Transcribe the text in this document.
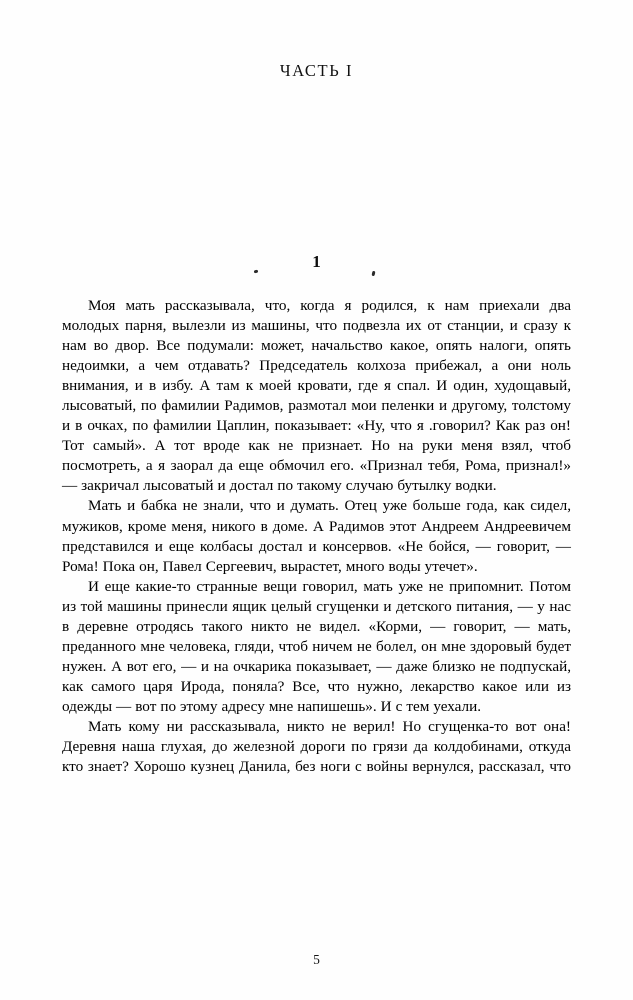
ЧАСТЬ I
1

Моя мать рассказывала, что, когда я родился, к нам приехали два молодых парня, вылезли из машины, что подвезла их от станции, и сразу к нам во двор. Все подумали: может, начальство какое, опять налоги, опять недоимки, а чем отдавать? Председатель колхоза прибежал, а они ноль внимания, и в избу. А там к моей кровати, где я спал. И один, худощавый, лысоватый, по фамилии Радимов, размотал мои пеленки и другому, толстому и в очках, по фамилии Цаплин, показывает: «Ну, что я .говорил? Как раз он! Тот самый». А тот вроде как не признает. Но на руки меня взял, чтоб посмотреть, а я заорал да еще обмочил его. «Признал тебя, Рома, признал!» — закричал лысоватый и достал по такому случаю бутылку водки.

Мать и бабка не знали, что и думать. Отец уже больше года, как сидел, мужиков, кроме меня, никого в доме. А Радимов этот Андреем Андреевичем представился и еще колбасы достал и консервов. «Не бойся, — говорит, — Рома! Пока он, Павел Сергеевич, вырастет, много воды утечет».

И еще какие-то странные вещи говорил, мать уже не припомнит. Потом из той машины принесли ящик целый сгущенки и детского питания, — у нас в деревне отродясь такого никто не видел. «Корми, — говорит, — мать, преданного мне человека, гляди, чтоб ничем не болел, он мне здоровый будет нужен. А вот его, — и на очкарика показывает, — даже близко не подпускай, как самого царя Ирода, поняла? Все, что нужно, лекарство какое или из одежды — вот по этому адресу мне напишешь». И с тем уехали.

Мать кому ни рассказывала, никто не верил! Но сгущенка-то вот она! Деревня наша глухая, до железной дороги по грязи да колдобинами, откуда кто знает? Хорошо кузнец Данила, без ноги с войны вернулся, рассказал, что

5
